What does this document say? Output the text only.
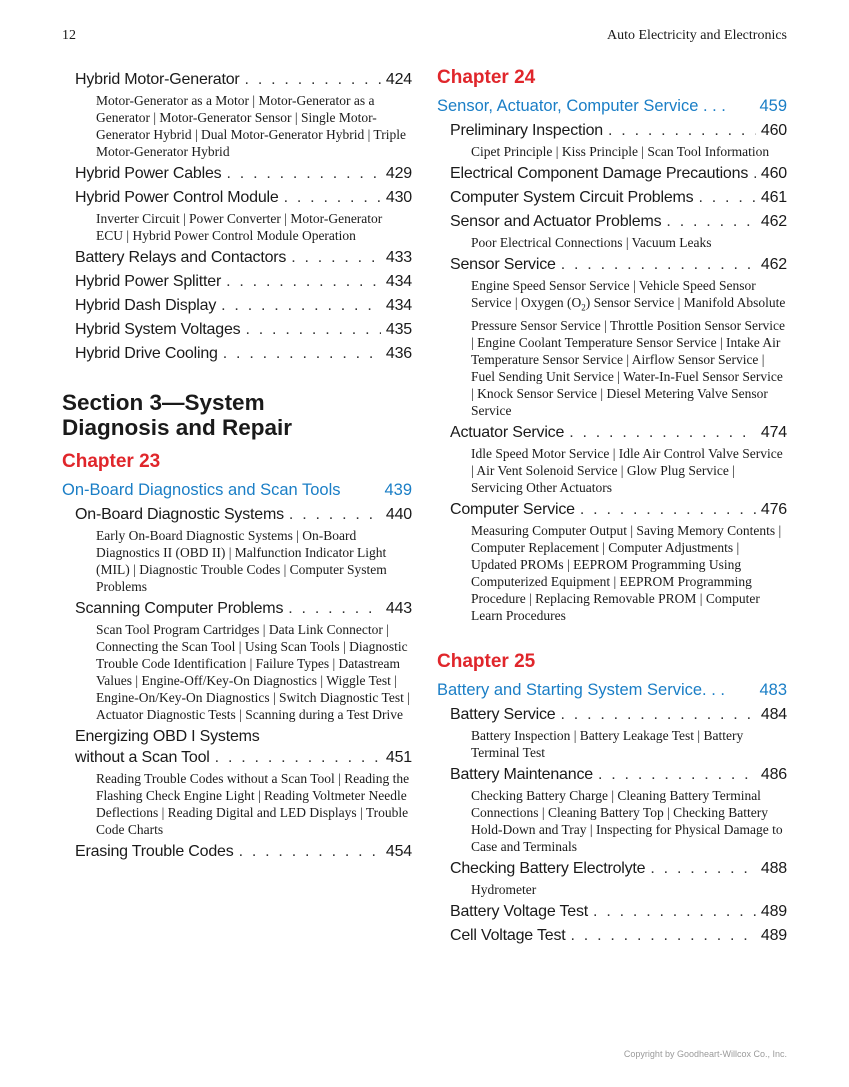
12	Auto Electricity and Electronics
Hybrid Motor-Generator . . .	424
Motor-Generator as a Motor | Motor-Generator as a Generator | Motor-Generator Sensor | Single Motor-Generator Hybrid | Dual Motor-Generator Hybrid | Triple Motor-Generator Hybrid
Hybrid Power Cables . . .	429
Hybrid Power Control Module . . .	430
Inverter Circuit | Power Converter | Motor-Generator ECU | Hybrid Power Control Module Operation
Battery Relays and Contactors . . .	433
Hybrid Power Splitter . . .	434
Hybrid Dash Display . . .	434
Hybrid System Voltages . . .	435
Hybrid Drive Cooling . . .	436
Section 3—System
Diagnosis and Repair
Chapter 23
On-Board Diagnostics and Scan Tools	439
On-Board Diagnostic Systems . . .	440
Early On-Board Diagnostic Systems | On-Board Diagnostics II (OBD II) | Malfunction Indicator Light (MIL) | Diagnostic Trouble Codes | Computer System Problems
Scanning Computer Problems . . .	443
Scan Tool Program Cartridges | Data Link Connector | Connecting the Scan Tool | Using Scan Tools | Diagnostic Trouble Code Identification | Failure Types | Datastream Values | Engine-Off/Key-On Diagnostics | Wiggle Test | Engine-On/Key-On Diagnostics | Switch Diagnostic Test | Actuator Diagnostic Tests | Scanning during a Test Drive
Energizing OBD I Systems
without a Scan Tool . . .	451
Reading Trouble Codes without a Scan Tool | Reading the Flashing Check Engine Light | Reading Voltmeter Needle Deflections | Reading Digital and LED Displays | Trouble Code Charts
Erasing Trouble Codes . . .	454
Chapter 24
Sensor, Actuator, Computer Service . . . 459
Preliminary Inspection . . .	460
Cipet Principle | Kiss Principle | Scan Tool Information
Electrical Component Damage Precautions . . . 460
Computer System Circuit Problems . . .	461
Sensor and Actuator Problems . . .	462
Poor Electrical Connections | Vacuum Leaks
Sensor Service . . .	462
Engine Speed Sensor Service | Vehicle Speed Sensor Service | Oxygen $(O_2)$ Sensor Service | Manifold Absolute Pressure Sensor Service | Throttle Position Sensor Service | Engine Coolant Temperature Sensor Service | Intake Air Temperature Sensor Service | Airflow Sensor Service | Fuel Sending Unit Service | Water-In-Fuel Sensor Service | Knock Sensor Service | Diesel Metering Valve Sensor Service
Actuator Service . . .	474
Idle Speed Motor Service | Idle Air Control Valve Service | Air Vent Solenoid Service | Glow Plug Service | Servicing Other Actuators
Computer Service . . .	476
Measuring Computer Output | Saving Memory Contents | Computer Replacement | Computer Adjustments | Updated PROMs | EEPROM Programming Using Computerized Equipment | EEPROM Programming Procedure | Replacing Removable PROM | Computer Learn Procedures
Chapter 25
Battery and Starting System Service. . . 483
Battery Service . . .	484
Battery Inspection | Battery Leakage Test | Battery Terminal Test
Battery Maintenance . . .	486
Checking Battery Charge | Cleaning Battery Terminal Connections | Cleaning Battery Top | Checking Battery Hold-Down and Tray | Inspecting for Physical Damage to Case and Terminals
Checking Battery Electrolyte . . .	488
Hydrometer
Battery Voltage Test . . .	489
Cell Voltage Test . . .	489
Copyright by Goodheart-Willcox Co., Inc.
